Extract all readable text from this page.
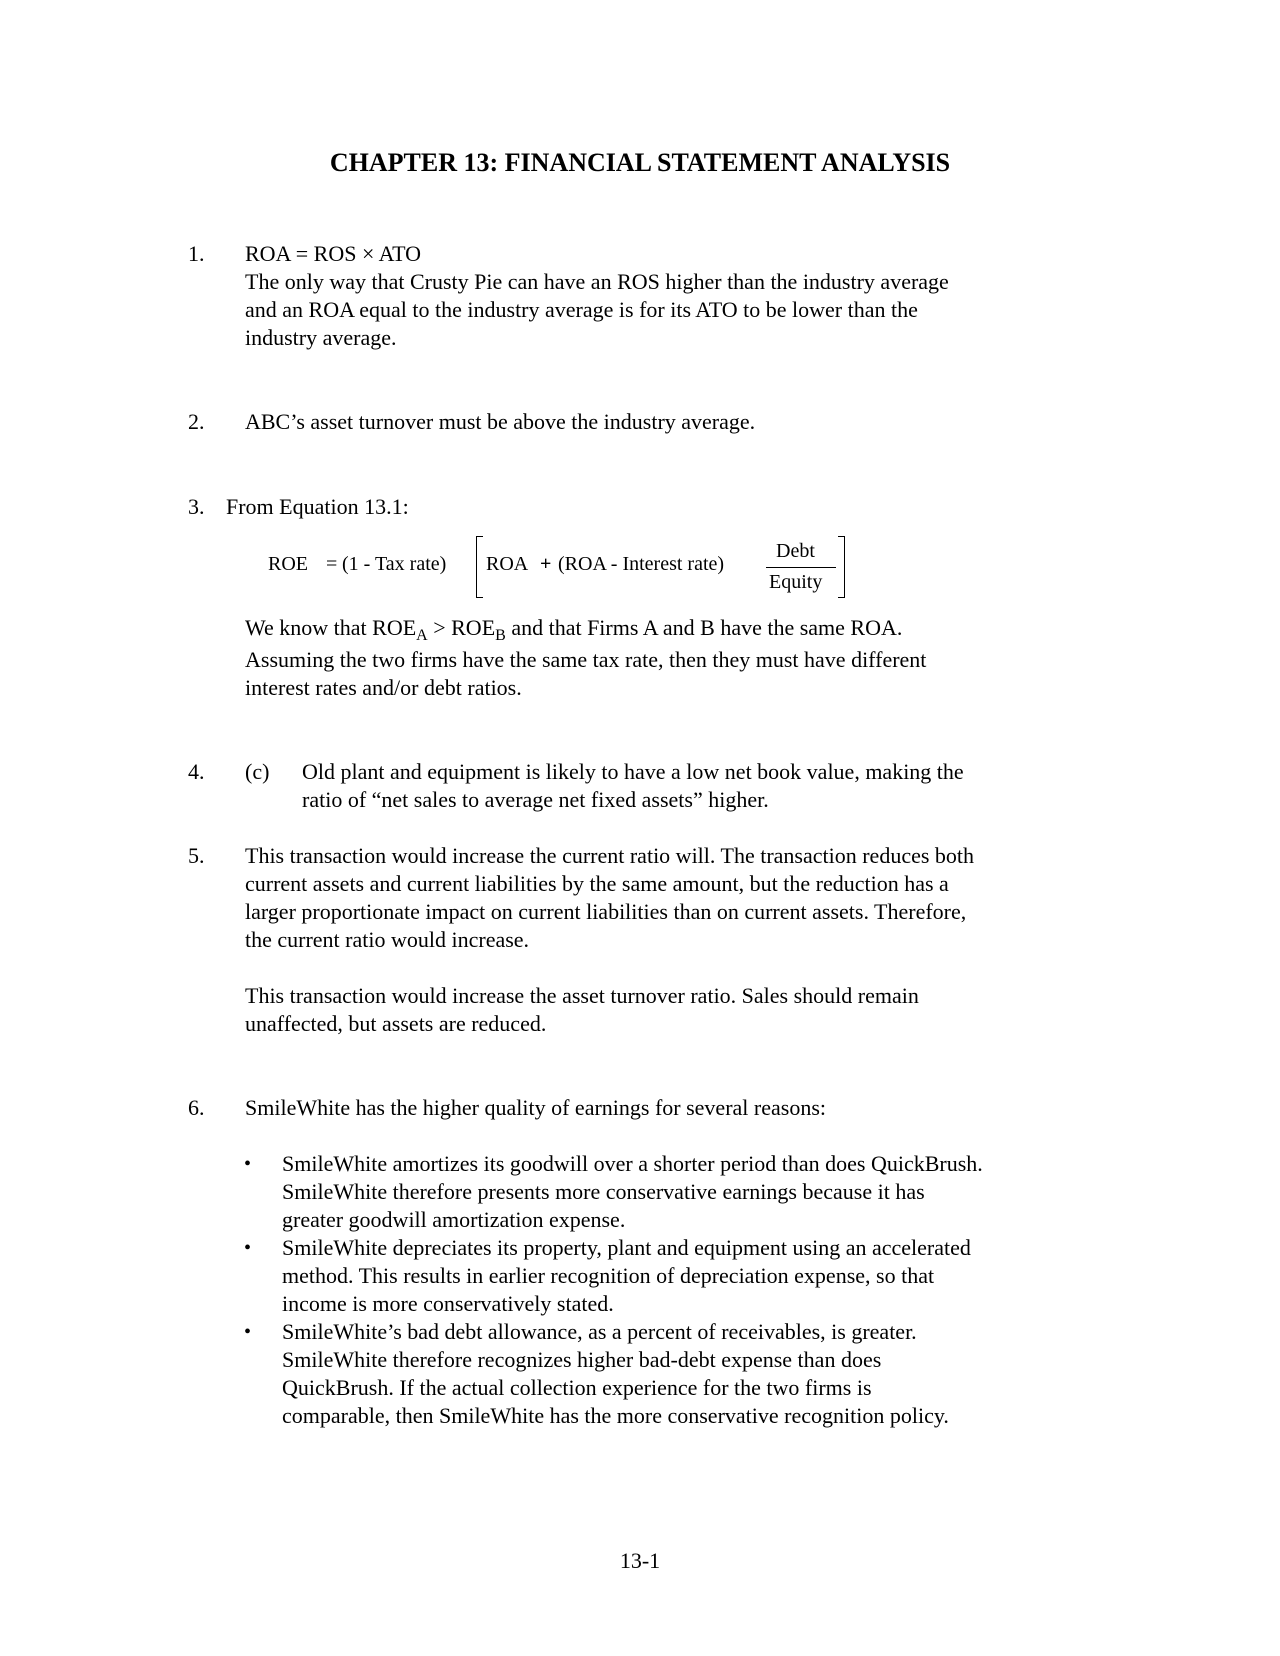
CHAPTER 13: FINANCIAL STATEMENT ANALYSIS
1. ROA = ROS × ATO
The only way that Crusty Pie can have an ROS higher than the industry average
and an ROA equal to the industry average is for its ATO to be lower than the
industry average.
2. ABC’s asset turnover must be above the industry average.
3. From Equation 13.1:
ROE = (1 - Tax rate) ROA + (ROA - Interest rate)
Debt
Equity
We know that $ROE_A > ROE_B$ and that Firms A and B have the same ROA.
Assuming the two firms have the same tax rate, then they must have different
interest rates and/or debt ratios.
4. (c) Old plant and equipment is likely to have a low net book value, making the
ratio of “net sales to average net fixed assets” higher.
5. This transaction would increase the current ratio will. The transaction reduces both
current assets and current liabilities by the same amount, but the reduction has a
larger proportionate impact on current liabilities than on current assets. Therefore,
the current ratio would increase.
This transaction would increase the asset turnover ratio. Sales should remain
unaffected, but assets are reduced.
6. SmileWhite has the higher quality of earnings for several reasons:
• SmileWhite amortizes its goodwill over a shorter period than does QuickBrush.
SmileWhite therefore presents more conservative earnings because it has
greater goodwill amortization expense.
• SmileWhite depreciates its property, plant and equipment using an accelerated
method. This results in earlier recognition of depreciation expense, so that
income is more conservatively stated.
• SmileWhite’s bad debt allowance, as a percent of receivables, is greater.
SmileWhite therefore recognizes higher bad-debt expense than does
QuickBrush. If the actual collection experience for the two firms is
comparable, then SmileWhite has the more conservative recognition policy.
13-1
